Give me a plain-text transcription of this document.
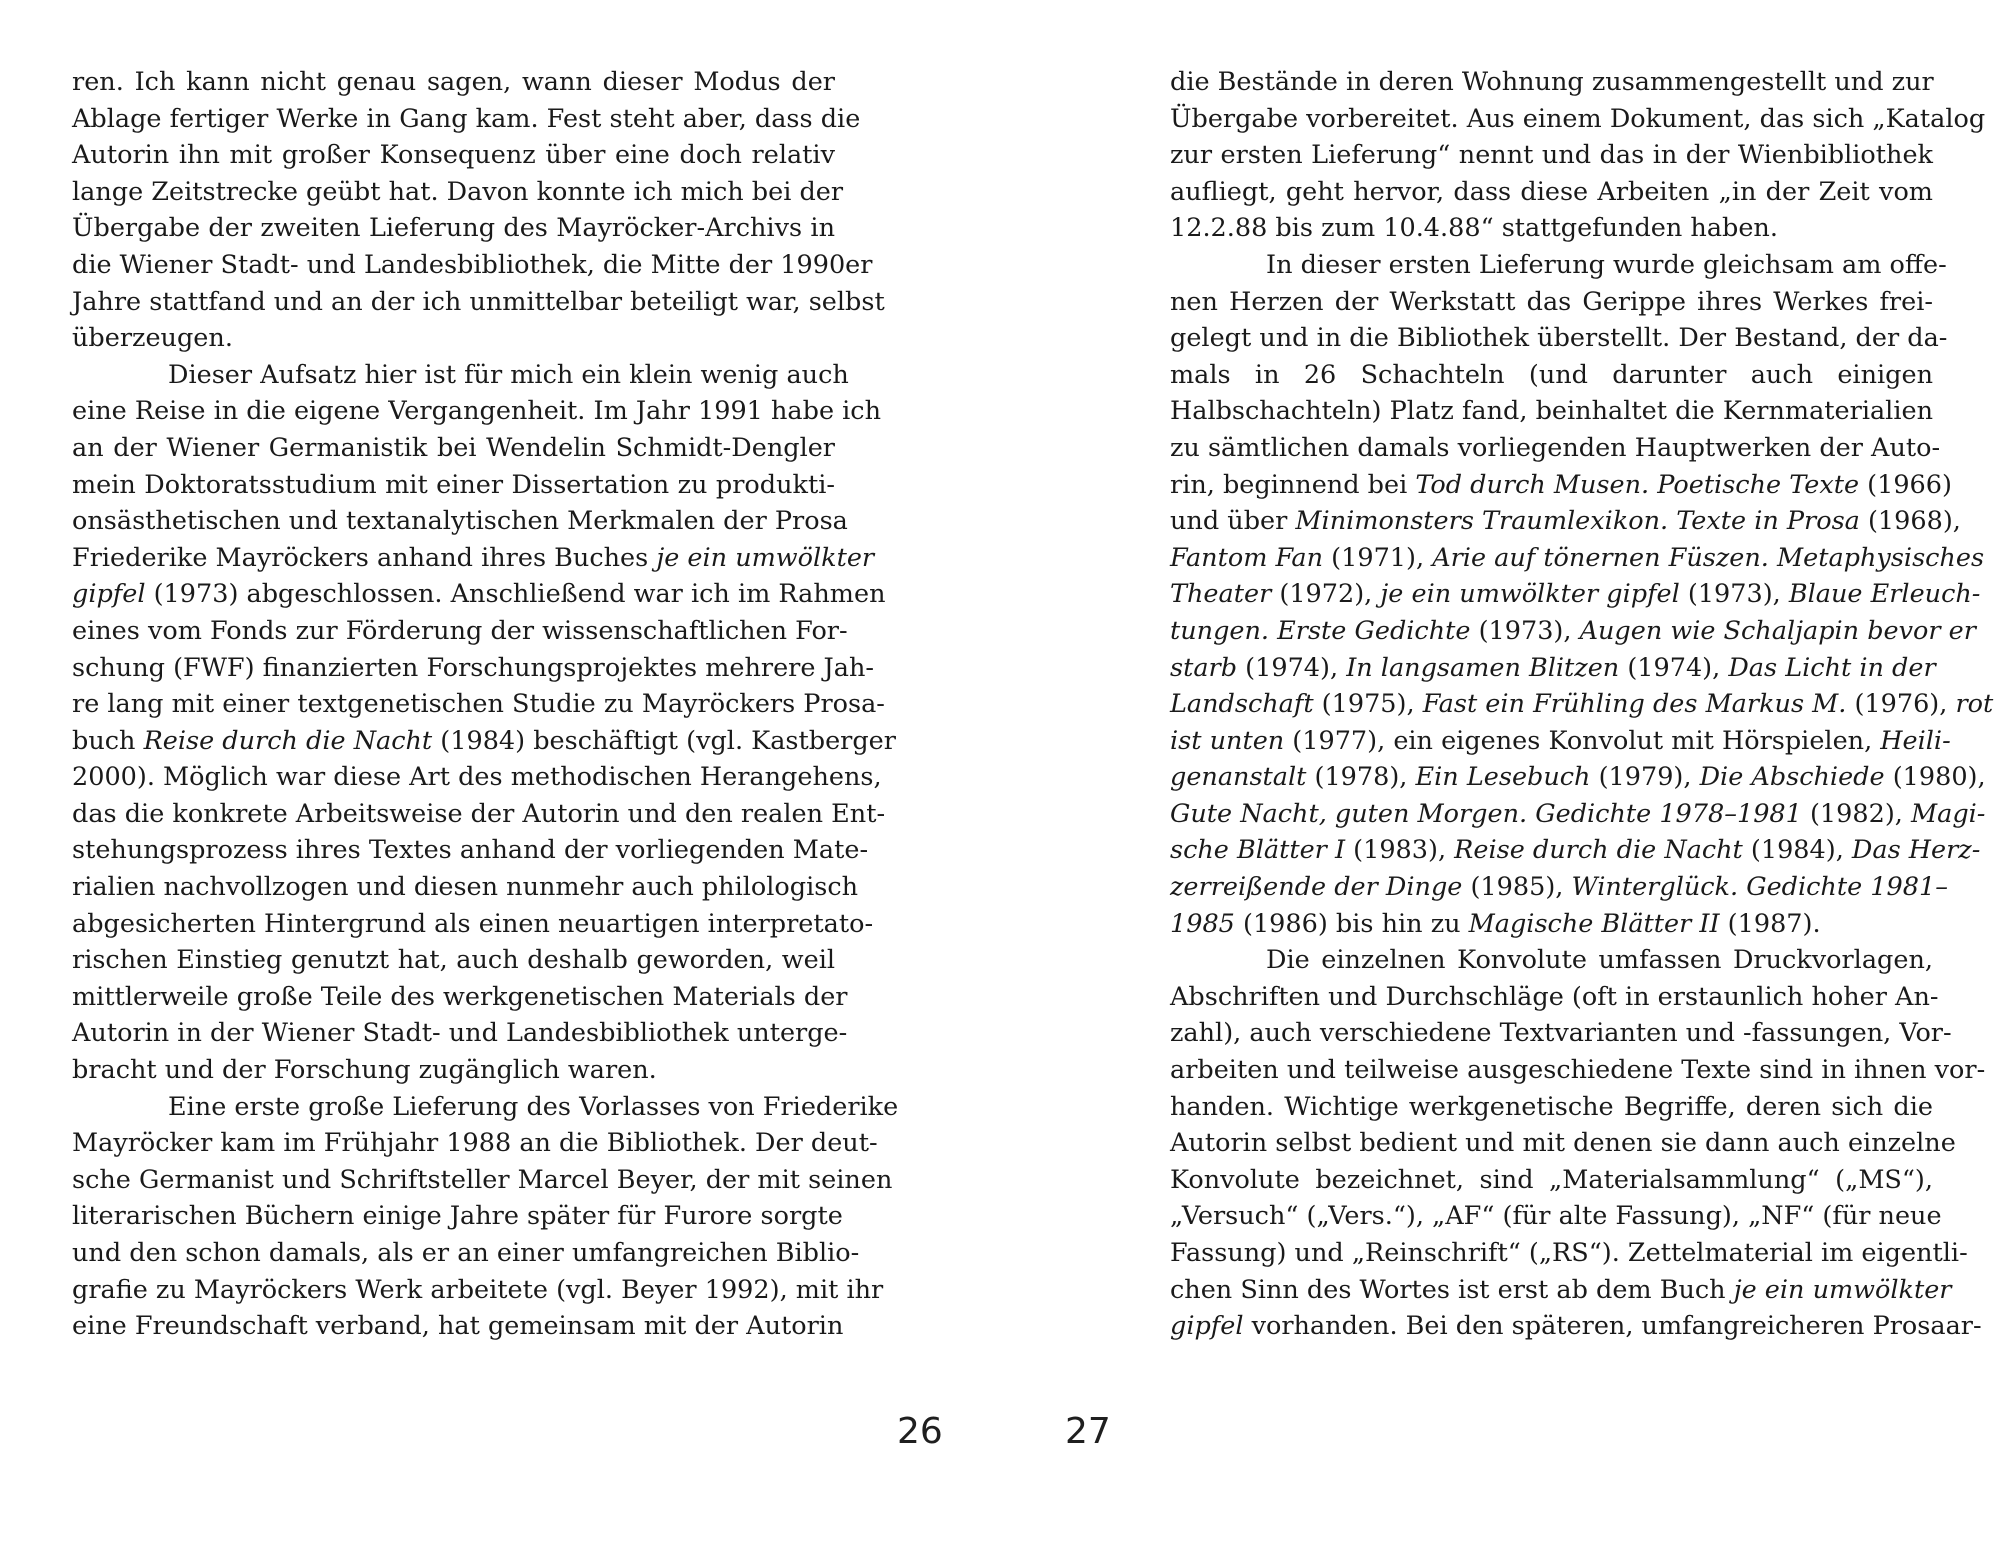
ren. Ich kann nicht genau sagen, wann dieser Modus der
Ablage fertiger Werke in Gang kam. Fest steht aber, dass die
Autorin ihn mit großer Konsequenz über eine doch relativ
lange Zeitstrecke geübt hat. Davon konnte ich mich bei der
Übergabe der zweiten Lieferung des Mayröcker-Archivs in
die Wiener Stadt- und Landesbibliothek, die Mitte der 1990er
Jahre stattfand und an der ich unmittelbar beteiligt war, selbst
überzeugen.
Dieser Aufsatz hier ist für mich ein klein wenig auch
eine Reise in die eigene Vergangenheit. Im Jahr 1991 habe ich
an der Wiener Germanistik bei Wendelin Schmidt-Dengler
mein Doktoratsstudium mit einer Dissertation zu produkti-
onsästhetischen und textanalytischen Merkmalen der Prosa
Friederike Mayröckers anhand ihres Buches je ein umwölkter
gipfel (1973) abgeschlossen. Anschließend war ich im Rahmen
eines vom Fonds zur Förderung der wissenschaftlichen For-
schung (FWF) finanzierten Forschungsprojektes mehrere Jah-
re lang mit einer textgenetischen Studie zu Mayröckers Prosa-
buch Reise durch die Nacht (1984) beschäftigt (vgl. Kastberger
2000). Möglich war diese Art des methodischen Herangehens,
das die konkrete Arbeitsweise der Autorin und den realen Ent-
stehungsprozess ihres Textes anhand der vorliegenden Mate-
rialien nachvollzogen und diesen nunmehr auch philologisch
abgesicherten Hintergrund als einen neuartigen interpretato-
rischen Einstieg genutzt hat, auch deshalb geworden, weil
mittlerweile große Teile des werkgenetischen Materials der
Autorin in der Wiener Stadt- und Landesbibliothek unterge-
bracht und der Forschung zugänglich waren.
Eine erste große Lieferung des Vorlasses von Friederike
Mayröcker kam im Frühjahr 1988 an die Bibliothek. Der deut-
sche Germanist und Schriftsteller Marcel Beyer, der mit seinen
literarischen Büchern einige Jahre später für Furore sorgte
und den schon damals, als er an einer umfangreichen Biblio-
grafie zu Mayröckers Werk arbeitete (vgl. Beyer 1992), mit ihr
eine Freundschaft verband, hat gemeinsam mit der Autorin
die Bestände in deren Wohnung zusammengestellt und zur
Übergabe vorbereitet. Aus einem Dokument, das sich „Katalog
zur ersten Lieferung“ nennt und das in der Wienbibliothek
aufliegt, geht hervor, dass diese Arbeiten „in der Zeit vom
12.2.88 bis zum 10.4.88“ stattgefunden haben.
In dieser ersten Lieferung wurde gleichsam am offe-
nen Herzen der Werkstatt das Gerippe ihres Werkes frei-
gelegt und in die Bibliothek überstellt. Der Bestand, der da-
mals in 26 Schachteln (und darunter auch einigen
Halbschachteln) Platz fand, beinhaltet die Kernmaterialien
zu sämtlichen damals vorliegenden Hauptwerken der Auto-
rin, beginnend bei Tod durch Musen. Poetische Texte (1966)
und über Minimonsters Traumlexikon. Texte in Prosa (1968),
Fantom Fan (1971), Arie auf tönernen Füszen. Metaphysisches
Theater (1972), je ein umwölkter gipfel (1973), Blaue Erleuch-
tungen. Erste Gedichte (1973), Augen wie Schaljapin bevor er
starb (1974), In langsamen Blitzen (1974), Das Licht in der
Landschaft (1975), Fast ein Frühling des Markus M. (1976), rot
ist unten (1977), ein eigenes Konvolut mit Hörspielen, Heili-
genanstalt (1978), Ein Lesebuch (1979), Die Abschiede (1980),
Gute Nacht, guten Morgen. Gedichte 1978–1981 (1982), Magi-
sche Blätter I (1983), Reise durch die Nacht (1984), Das Herz-
zerreißende der Dinge (1985), Winterglück. Gedichte 1981–
1985 (1986) bis hin zu Magische Blätter II (1987).
Die einzelnen Konvolute umfassen Druckvorlagen,
Abschriften und Durchschläge (oft in erstaunlich hoher An-
zahl), auch verschiedene Textvarianten und -fassungen, Vor-
arbeiten und teilweise ausgeschiedene Texte sind in ihnen vor-
handen. Wichtige werkgenetische Begriffe, deren sich die
Autorin selbst bedient und mit denen sie dann auch einzelne
Konvolute bezeichnet, sind „Materialsammlung“ („MS“),
„Versuch“ („Vers.“), „AF“ (für alte Fassung), „NF“ (für neue
Fassung) und „Reinschrift“ („RS“). Zettelmaterial im eigentli-
chen Sinn des Wortes ist erst ab dem Buch je ein umwölkter
gipfel vorhanden. Bei den späteren, umfangreicheren Prosaar-
26	27
